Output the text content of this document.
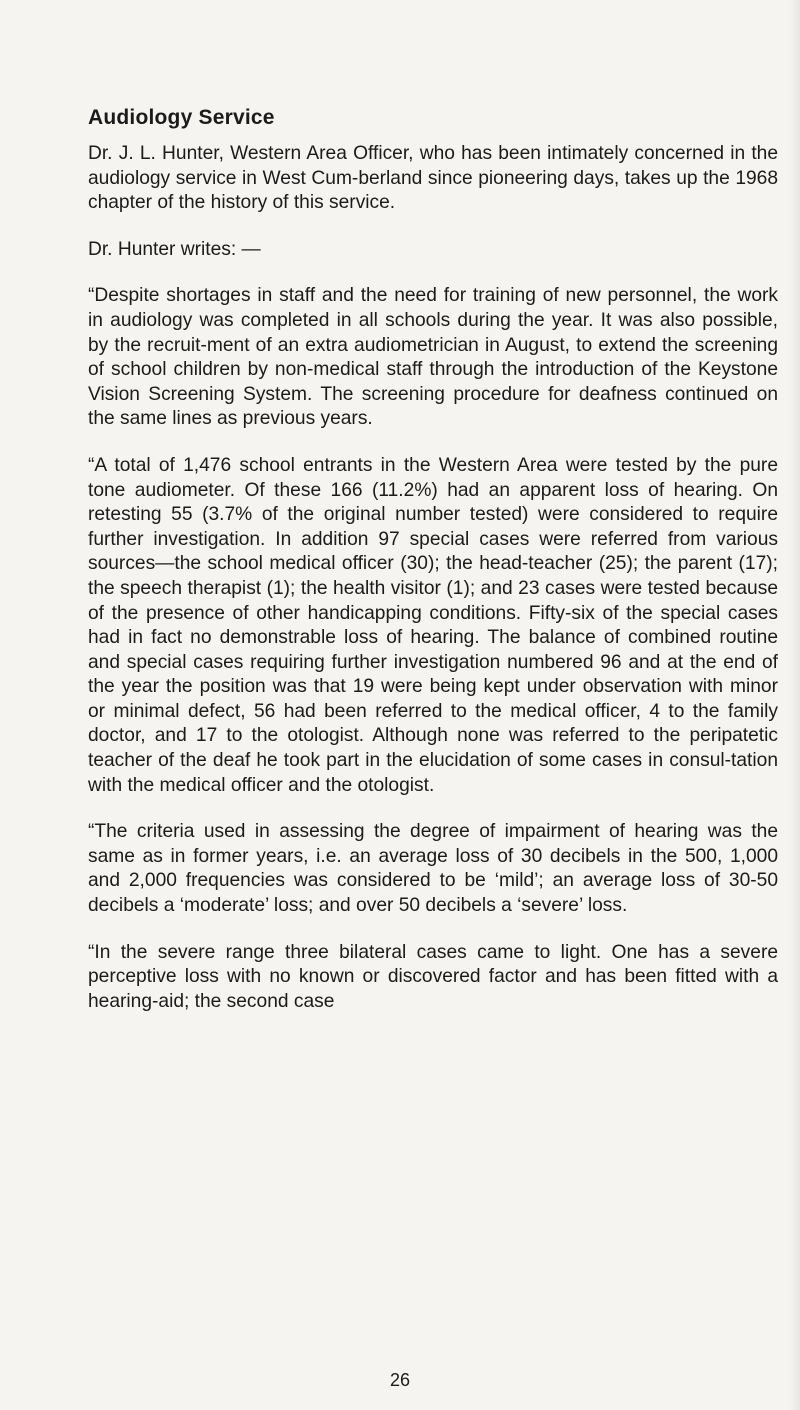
Audiology Service

Dr. J. L. Hunter, Western Area Officer, who has been intimately concerned in the audiology service in West Cum-berland since pioneering days, takes up the 1968 chapter of the history of this service.

Dr. Hunter writes: —

“Despite shortages in staff and the need for training of new personnel, the work in audiology was completed in all schools during the year. It was also possible, by the recruit-ment of an extra audiometrician in August, to extend the screening of school children by non-medical staff through the introduction of the Keystone Vision Screening System. The screening procedure for deafness continued on the same lines as previous years.

“A total of 1,476 school entrants in the Western Area were tested by the pure tone audiometer. Of these 166 (11.2%) had an apparent loss of hearing. On retesting 55 (3.7% of the original number tested) were considered to require further investigation. In addition 97 special cases were referred from various sources—the school medical officer (30); the head-teacher (25); the parent (17); the speech therapist (1); the health visitor (1); and 23 cases were tested because of the presence of other handicapping conditions. Fifty-six of the special cases had in fact no demonstrable loss of hearing. The balance of combined routine and special cases requiring further investigation numbered 96 and at the end of the year the position was that 19 were being kept under observation with minor or minimal defect, 56 had been referred to the medical officer, 4 to the family doctor, and 17 to the otologist. Although none was referred to the peripatetic teacher of the deaf he took part in the elucidation of some cases in consul-tation with the medical officer and the otologist.

“The criteria used in assessing the degree of impairment of hearing was the same as in former years, i.e. an average loss of 30 decibels in the 500, 1,000 and 2,000 frequencies was considered to be ‘mild’; an average loss of 30-50 decibels a ‘moderate’ loss; and over 50 decibels a ‘severe’ loss.

“In the severe range three bilateral cases came to light. One has a severe perceptive loss with no known or discovered factor and has been fitted with a hearing-aid; the second case

26
